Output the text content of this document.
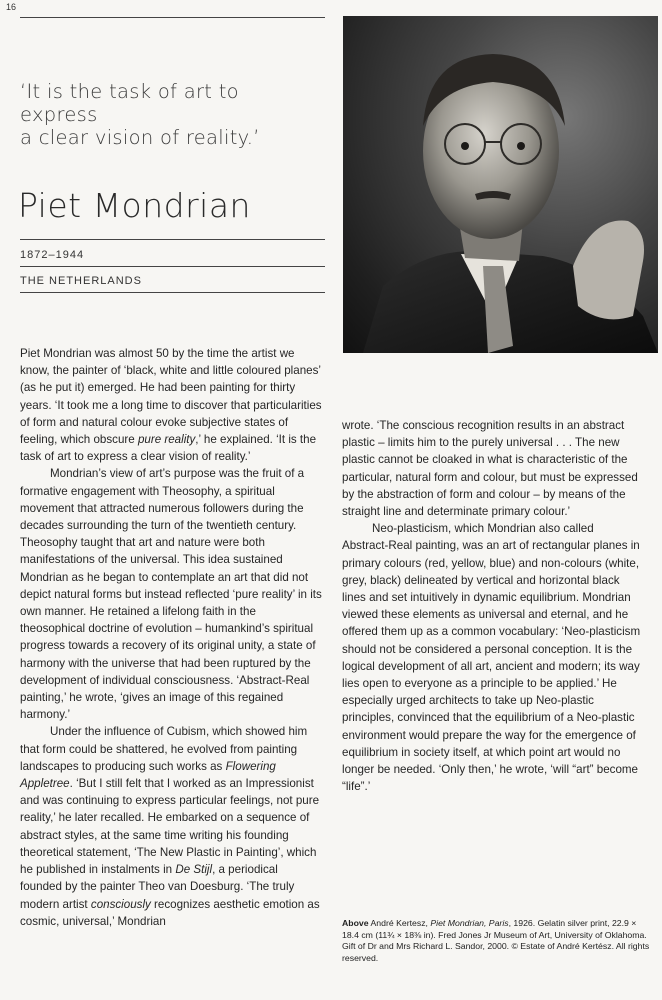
16
‘It is the task of art to express
a clear vision of reality.’
Piet Mondrian
1872–1944
THE NETHERLANDS

Piet Mondrian was almost 50 by the time the artist we know, the painter of ‘black, white and little coloured planes’ (as he put it) emerged. He had been painting for thirty years. ‘It took me a long time to discover that particularities of form and natural colour evoke subjective states of feeling, which obscure pure reality,’ he explained. ‘It is the task of art to express a clear vision of reality.’

Mondrian’s view of art’s purpose was the fruit of a formative engagement with Theosophy, a spiritual movement that attracted numerous followers during the decades surrounding the turn of the twentieth century. Theosophy taught that art and nature were both manifestations of the universal. This idea sustained Mondrian as he began to contemplate an art that did not depict natural forms but instead reflected ‘pure reality’ in its own manner. He retained a lifelong faith in the theosophical doctrine of evolution – humankind’s spiritual progress towards a recovery of its original unity, a state of harmony with the universe that had been ruptured by the development of individual consciousness. ‘Abstract-Real painting,’ he wrote, ‘gives an image of this regained harmony.’

Under the influence of Cubism, which showed him that form could be shattered, he evolved from painting landscapes to producing such works as Flowering Appletree. ‘But I still felt that I worked as an Impressionist and was continuing to express particular feelings, not pure reality,’ he later recalled. He embarked on a sequence of abstract styles, at the same time writing his founding theoretical statement, ‘The New Plastic in Painting’, which he published in instalments in De Stijl, a periodical founded by the painter Theo van Doesburg. ‘The truly modern artist consciously recognizes aesthetic emotion as cosmic, universal,’ Mondrian

wrote. ‘The conscious recognition results in an abstract plastic – limits him to the purely universal . . . The new plastic cannot be cloaked in what is characteristic of the particular, natural form and colour, but must be expressed by the abstraction of form and colour – by means of the straight line and determinate primary colour.’

Neo-plasticism, which Mondrian also called Abstract-Real painting, was an art of rectangular planes in primary colours (red, yellow, blue) and non-colours (white, grey, black) delineated by vertical and horizontal black lines and set intuitively in dynamic equilibrium. Mondrian viewed these elements as universal and eternal, and he offered them up as a common vocabulary: ‘Neo-plasticism should not be considered a personal conception. It is the logical development of all art, ancient and modern; its way lies open to everyone as a principle to be applied.’ He especially urged architects to take up Neo-plastic principles, convinced that the equilibrium of a Neo-plastic environment would prepare the way for the emergence of equilibrium in society itself, at which point art would no longer be needed. ‘Only then,’ he wrote, ‘will “art” become “life”.’

Above André Kertesz, Piet Mondrian, Paris, 1926. Gelatin silver print, 22.9 × 18.4 cm (11¾ × 18⅜ in). Fred Jones Jr Museum of Art, University of Oklahoma. Gift of Dr and Mrs Richard L. Sandor, 2000. © Estate of André Kertész. All rights reserved.
